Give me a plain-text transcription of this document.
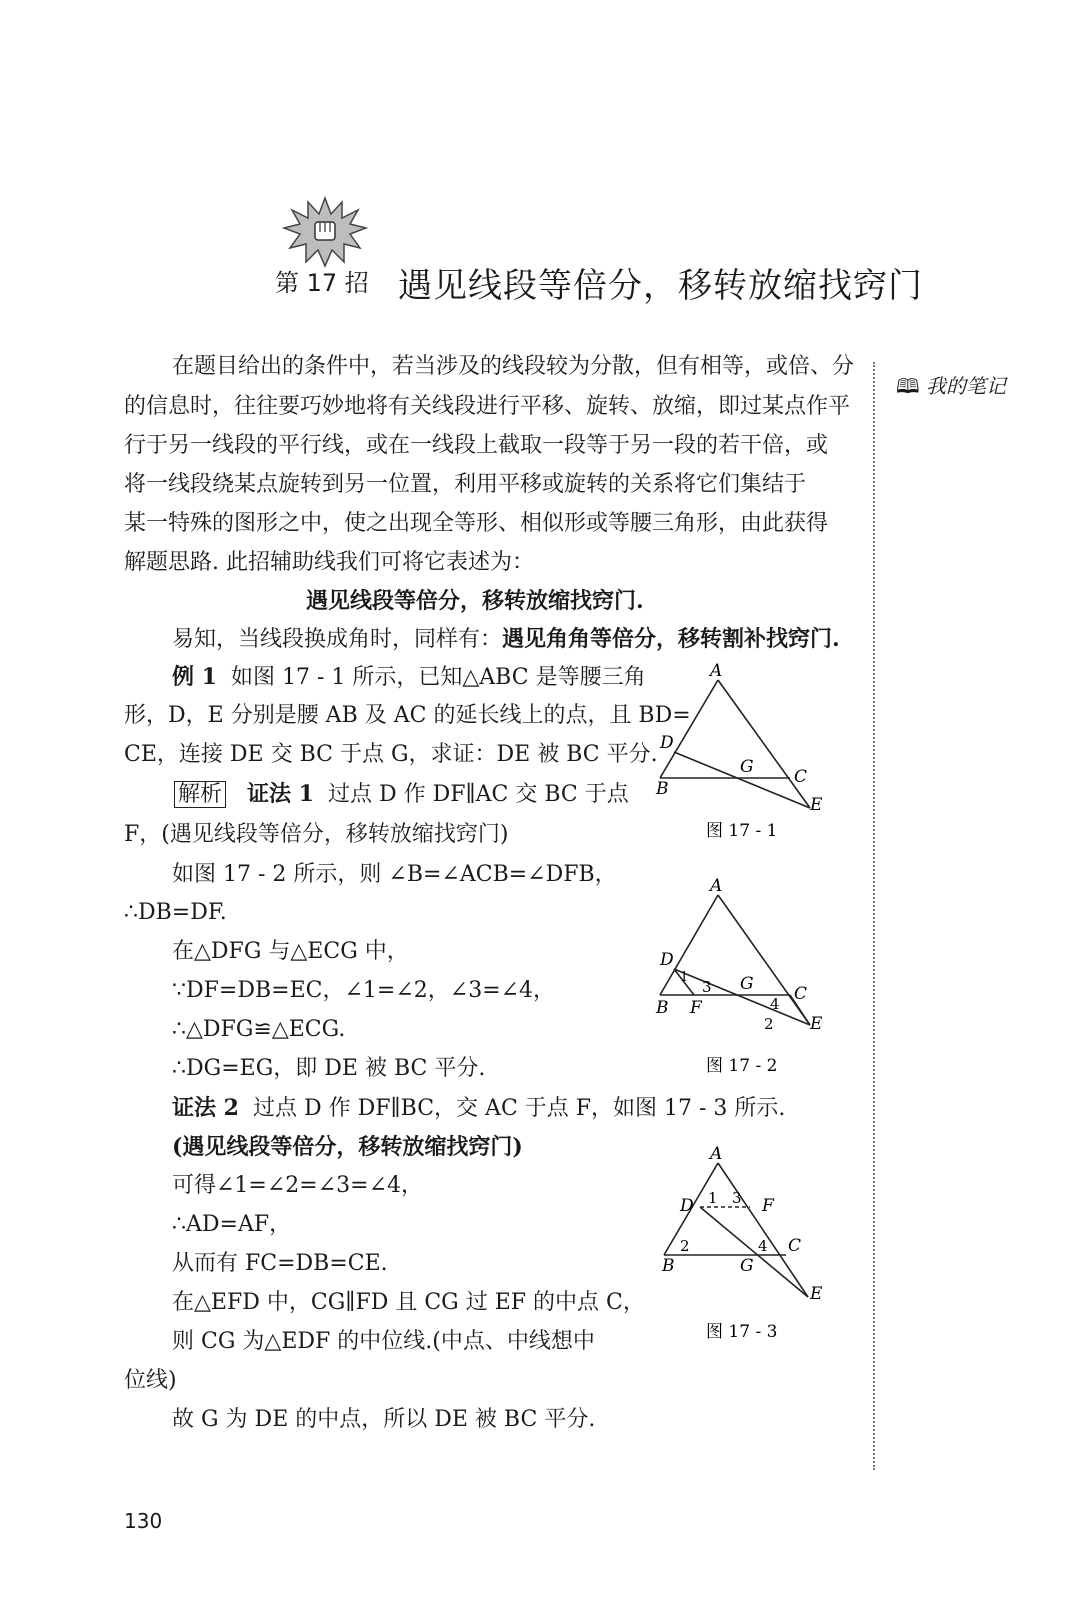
第 17 招 遇见线段等倍分，移转放缩找窍门
🕮 我的笔记
在题目给出的条件中，若当涉及的线段较为分散，但有相等，或倍、分
的信息时，往往要巧妙地将有关线段进行平移、旋转、放缩，即过某点作平
行于另一线段的平行线，或在一线段上截取一段等于另一段的若干倍，或
将一线段绕某点旋转到另一位置，利用平移或旋转的关系将它们集结于
某一特殊的图形之中，使之出现全等形、相似形或等腰三角形，由此获得
解题思路. 此招辅助线我们可将它表述为：
遇见线段等倍分，移转放缩找窍门.
易知，当线段换成角时，同样有：遇见角角等倍分，移转割补找窍门.
例 1 如图 17 - 1 所示，已知△ABC 是等腰三角
形，D，E 分别是腰 AB 及 AC 的延长线上的点，且 BD=
CE，连接 DE 交 BC 于点 G，求证：DE 被 BC 平分.
解析 证法 1 过点 D 作 DF∥AC 交 BC 于点
F，(遇见线段等倍分，移转放缩找窍门)
如图 17 - 2 所示，则 ∠B=∠ACB=∠DFB，
∴DB=DF.
在△DFG 与△ECG 中，
∵DF=DB=EC，∠1=∠2，∠3=∠4，
∴△DFG≌△ECG.
∴DG=EG，即 DE 被 BC 平分.
证法 2 过点 D 作 DF∥BC，交 AC 于点 F，如图 17 - 3 所示.
(遇见线段等倍分，移转放缩找窍门)
可得∠1=∠2=∠3=∠4，
∴AD=AF，
从而有 FC=DB=CE.
在△EFD 中，CG∥FD 且 CG 过 EF 的中点 C，
则 CG 为△EDF 的中位线.(中点、中线想中
位线)
故 G 为 DE 的中点，所以 DE 被 BC 平分.
A
B
C
D
E
G
图 17 - 1
A
B
C
D
E
F
G
1
2
3
4
图 17 - 2
A
B
C
D
E
F
G
1
2
3
4
图 17 - 3
130
